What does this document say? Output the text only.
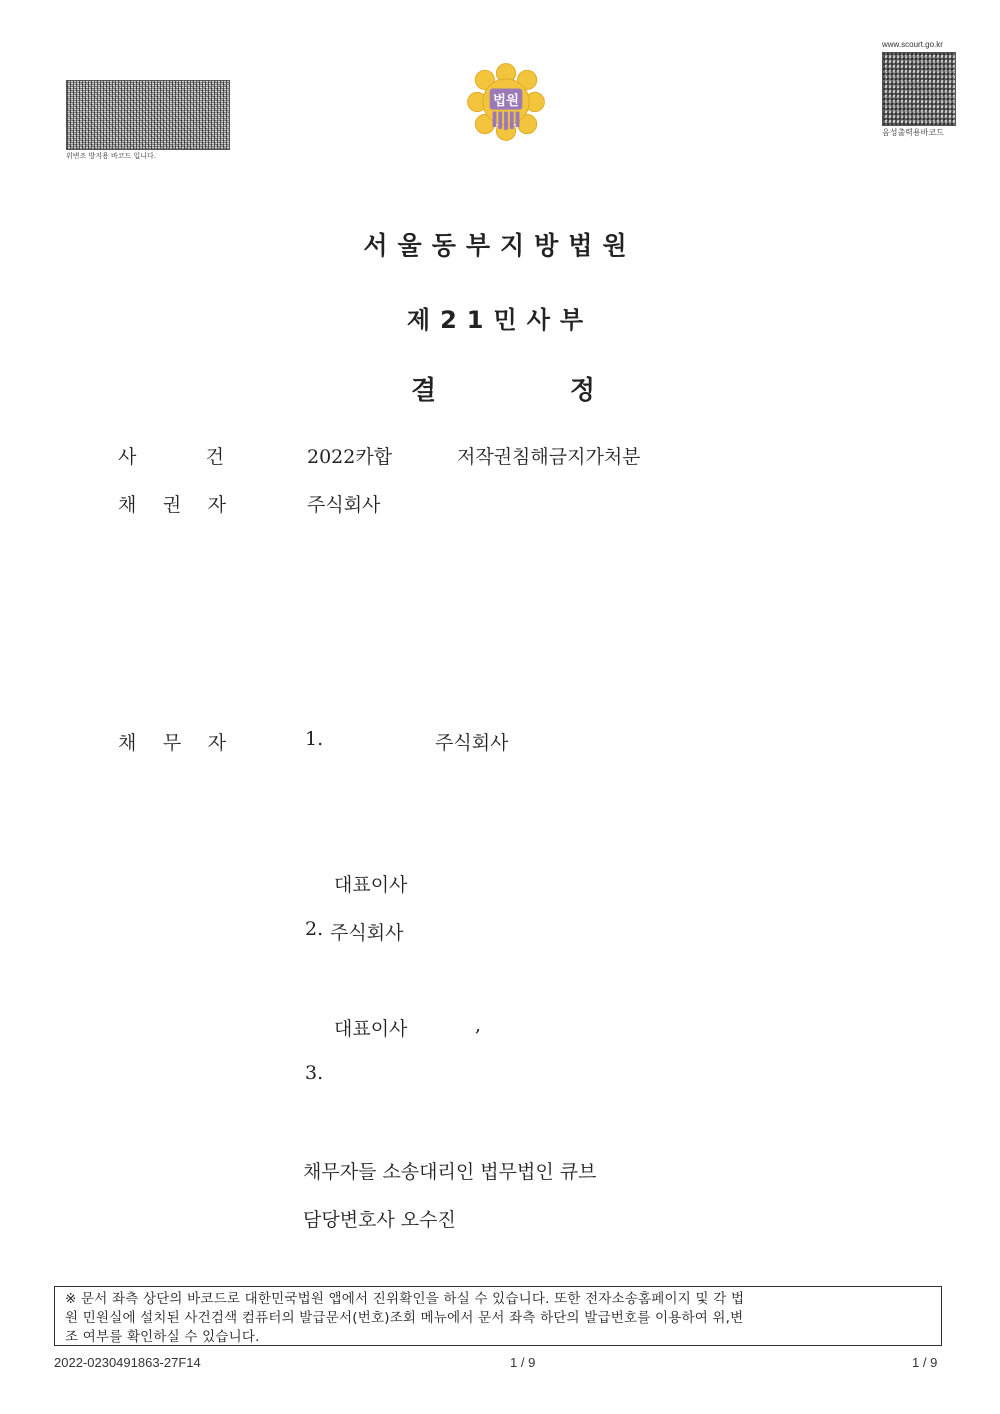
위변조 방지용 바코드 입니다.
www.scourt.go.kr
음성출력용바코드
법원
서울동부지방법원
제21민사부
결	정
사	건	2022카합	저작권침해금지가처분
채 권 자	주식회사
채 무 자	1.	주식회사
대표이사
2. 주식회사
대표이사	,
3.
채무자들 소송대리인 법무법인 큐브
담당변호사 오수진
※ 문서 좌측 상단의 바코드로 대한민국법원 앱에서 진위확인을 하실 수 있습니다. 또한 전자소송홈페이지 및 각 법
원 민원실에 설치된 사건검색 컴퓨터의 발급문서(번호)조회 메뉴에서 문서 좌측 하단의 발급번호를 이용하여 위,변
조 여부를 확인하실 수 있습니다.
2022-0230491863-27F14	1 / 9	1 / 9
